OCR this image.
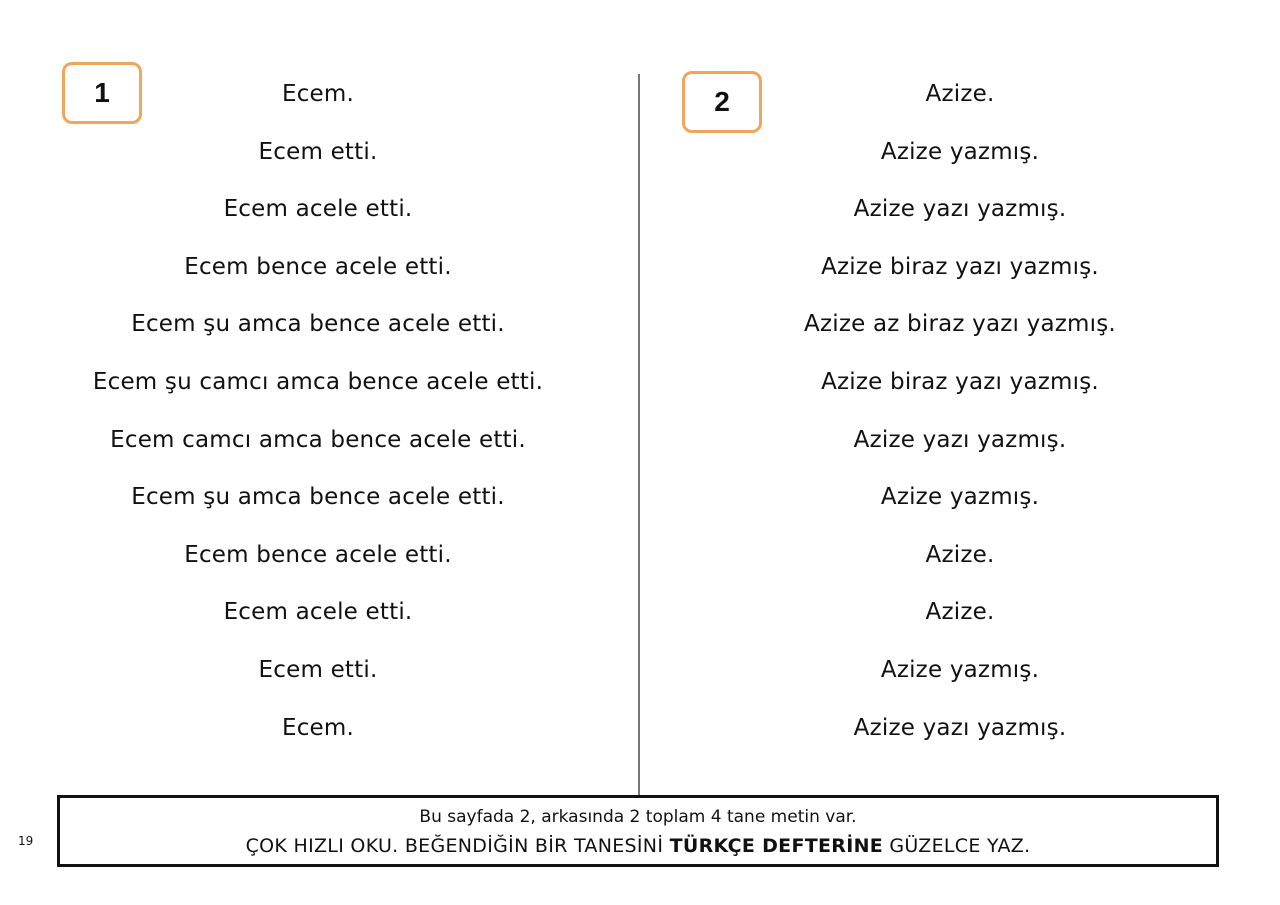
1	2
Ecem.
Ecem etti.
Ecem acele etti.
Ecem bence acele etti.
Ecem şu amca bence acele etti.
Ecem şu camcı amca bence acele etti.
Ecem camcı amca bence acele etti.
Ecem şu amca bence acele etti.
Ecem bence acele etti.
Ecem acele etti.
Ecem etti.
Ecem.
Azize.
Azize yazmış.
Azize yazı yazmış.
Azize biraz yazı yazmış.
Azize az biraz yazı yazmış.
Azize biraz yazı yazmış.
Azize yazı yazmış.
Azize yazmış.
Azize.
Azize.
Azize yazmış.
Azize yazı yazmış.
19
Bu sayfada 2, arkasında 2 toplam 4 tane metin var.
ÇOK HIZLI OKU. BEĞENDİĞİN BİR TANESİNİ TÜRKÇE DEFTERİNE GÜZELCE YAZ.
